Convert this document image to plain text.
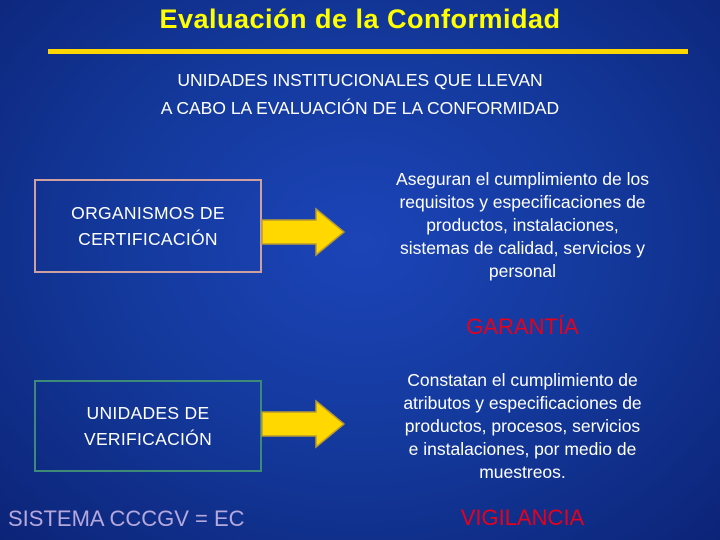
Evaluación de la Conformidad
UNIDADES INSTITUCIONALES QUE LLEVAN
A CABO LA EVALUACIÓN DE LA CONFORMIDAD
ORGANISMOS DE
CERTIFICACIÓN
Aseguran el cumplimiento de los
requisitos y especificaciones de
productos, instalaciones,
sistemas de calidad, servicios y
personal
GARANTÍA
UNIDADES DE
VERIFICACIÓN
Constatan el cumplimiento de
atributos y especificaciones de
productos, procesos, servicios
e instalaciones, por medio de
muestreos.
VIGILANCIA
SISTEMA CCCGV = EC
